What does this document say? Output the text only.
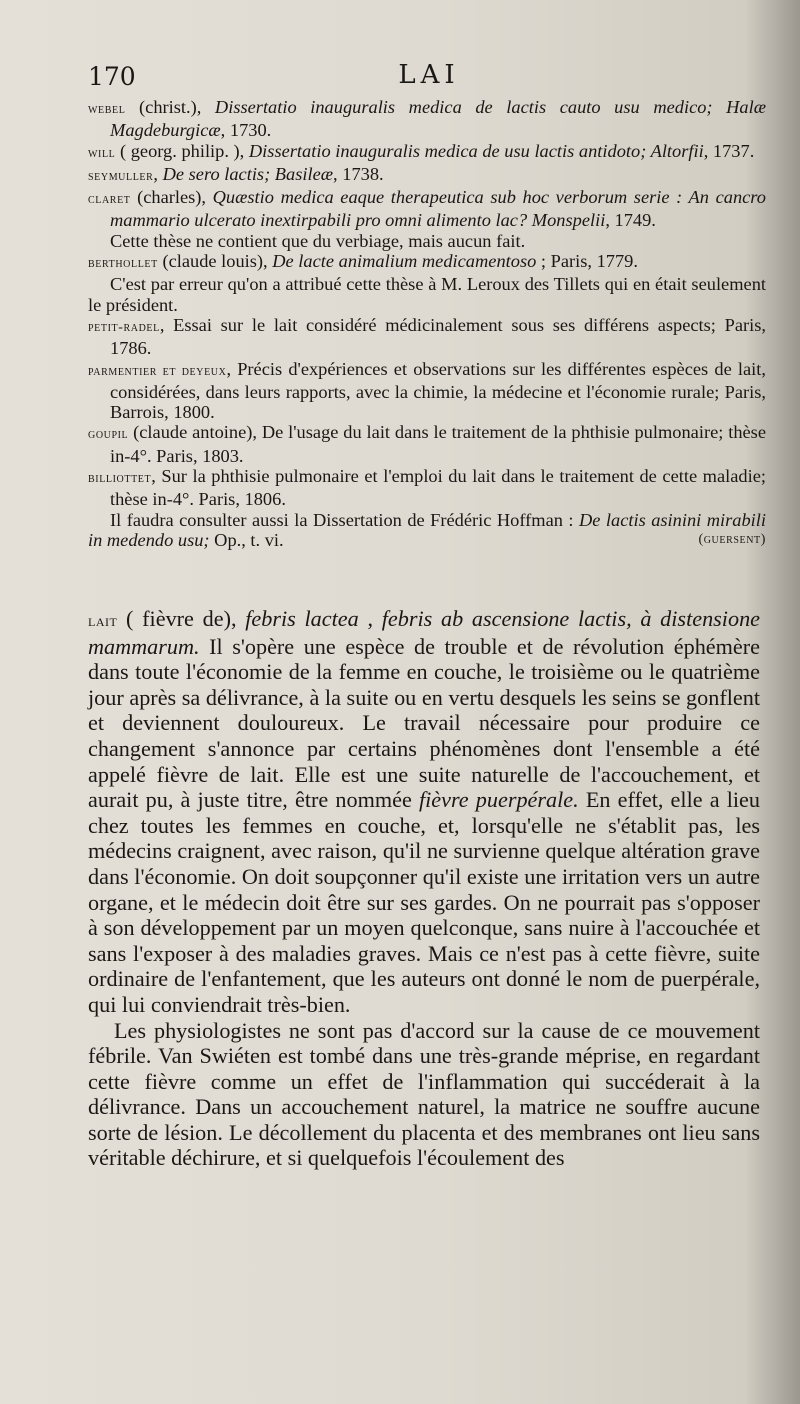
170	LAI
webel (christ.), Dissertatio inauguralis medica de lactis cauto usu medico; Halæ Magdeburgicæ, 1730.
will ( georg. philip. ), Dissertatio inauguralis medica de usu lactis antidoto; Altorfii, 1737.
seymuller, De sero lactis; Basileæ, 1738.
claret (charles), Quæstio medica eaque therapeutica sub hoc verborum serie : An cancro mammario ulcerato inextirpabili pro omni alimento lac? Monspelii, 1749.
Cette thèse ne contient que du verbiage, mais aucun fait.
berthollet (claude louis), De lacte animalium medicamentoso ; Paris, 1779.
C'est par erreur qu'on a attribué cette thèse à M. Leroux des Tillets qui en était seulement le président.
petit-radel, Essai sur le lait considéré médicinalement sous ses différens aspects; Paris, 1786.
parmentier et deyeux, Précis d'expériences et observations sur les différentes espèces de lait, considérées, dans leurs rapports, avec la chimie, la médecine et l'économie rurale; Paris, Barrois, 1800.
goupil (claude antoine), De l'usage du lait dans le traitement de la phthisie pulmonaire; thèse in-4°. Paris, 1803.
billiottet, Sur la phthisie pulmonaire et l'emploi du lait dans le traitement de cette maladie; thèse in-4°. Paris, 1806.
Il faudra consulter aussi la Dissertation de Frédéric Hoffman : De lactis asinini mirabili in medendo usu; Op., t. vi.	(guersent)

lait ( fièvre de), febris lactea , febris ab ascensione lactis, à distensione mammarum. Il s'opère une espèce de trouble et de révolution éphémère dans toute l'économie de la femme en couche, le troisième ou le quatrième jour après sa délivrance, à la suite ou en vertu desquels les seins se gonflent et deviennent douloureux. Le travail nécessaire pour produire ce changement s'annonce par certains phénomènes dont l'ensemble a été appelé fièvre de lait. Elle est une suite naturelle de l'accouchement, et aurait pu, à juste titre, être nommée fièvre puerpérale. En effet, elle a lieu chez toutes les femmes en couche, et, lorsqu'elle ne s'établit pas, les médecins craignent, avec raison, qu'il ne survienne quelque altération grave dans l'économie. On doit soupçonner qu'il existe une irritation vers un autre organe, et le médecin doit être sur ses gardes. On ne pourrait pas s'opposer à son développement par un moyen quelconque, sans nuire à l'accouchée et sans l'exposer à des maladies graves. Mais ce n'est pas à cette fièvre, suite ordinaire de l'enfantement, que les auteurs ont donné le nom de puerpérale, qui lui conviendrait très-bien.

Les physiologistes ne sont pas d'accord sur la cause de ce mouvement fébrile. Van Swiéten est tombé dans une très-grande méprise, en regardant cette fièvre comme un effet de l'inflammation qui succéderait à la délivrance. Dans un accouchement naturel, la matrice ne souffre aucune sorte de lésion. Le décollement du placenta et des membranes ont lieu sans véritable déchirure, et si quelquefois l'écoulement des
